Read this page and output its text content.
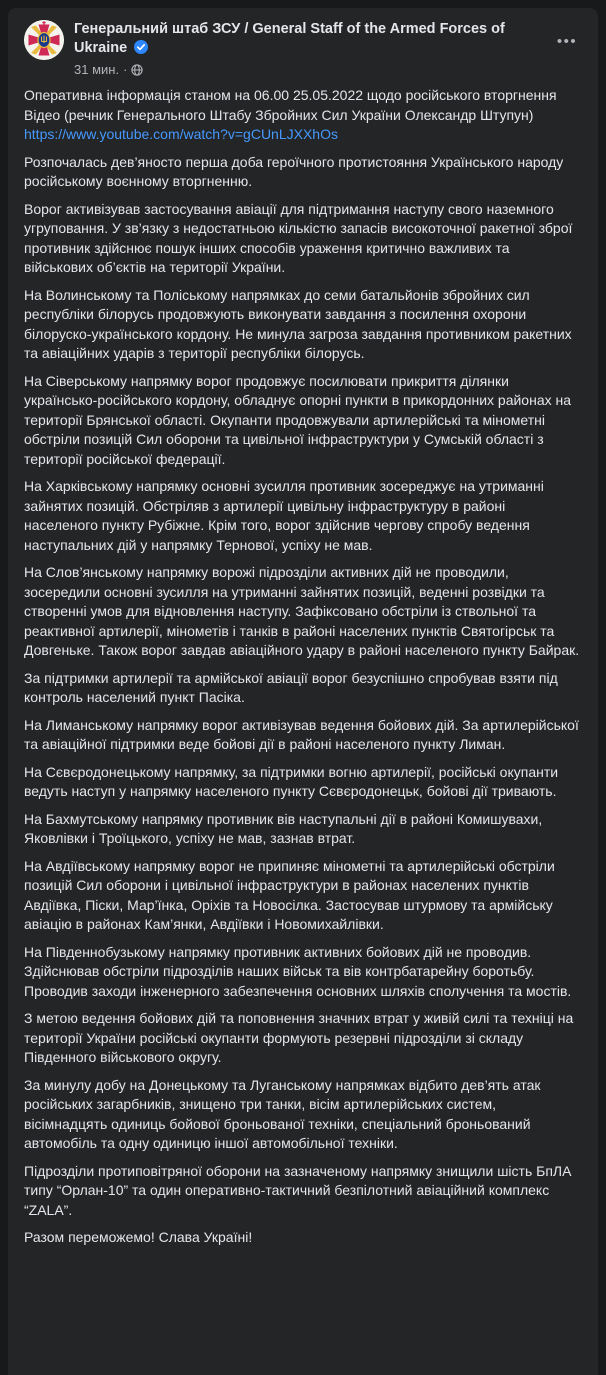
Генеральний штаб ЗСУ / General Staff of the Armed Forces of Ukraine
31 мин. ·
•••

Оперативна інформація станом на 06.00 25.05.2022 щодо російського вторгнення
Відео (речник Генерального Штабу Збройних Сил України Олександр Штупун)
https://www.youtube.com/watch?v=gCUnLJXXhOs

Розпочалась дев’яносто перша доба героїчного протистояння Українського народу російському воєнному вторгненню.

Ворог активізував застосування авіації для підтримання наступу свого наземного угруповання. У зв’язку з недостатньою кількістю запасів високоточної ракетної зброї противник здійснює пошук інших способів ураження критично важливих та військових об’єктів на території України.

На Волинському та Поліському напрямках до семи батальйонів збройних сил республіки білорусь продовжують виконувати завдання з посилення охорони білоруско-українського кордону. Не минула загроза завдання противником ракетних та авіаційних ударів з території республіки білорусь.

На Сіверському напрямку ворог продовжує посилювати прикриття ділянки українсько-російського кордону, обладнує опорні пункти в прикордонних районах на території Брянської області. Окупанти продовжували артилерійські та мінометні обстріли позицій Сил оборони та цивільної інфраструктури у Сумській області з території російської федерації.

На Харківському напрямку основні зусилля противник зосереджує на утриманні зайнятих позицій. Обстріляв з артилерії цивільну інфраструктуру в районі населеного пункту Рубіжне. Крім того, ворог здійснив чергову спробу ведення наступальних дій у напрямку Тернової, успіху не мав.

На Слов’янському напрямку ворожі підрозділи активних дій не проводили, зосередили основні зусилля на утриманні зайнятих позицій, веденні розвідки та створенні умов для відновлення наступу. Зафіксовано обстріли із ствольної та реактивної артилерії, мінометів і танків в районі населених пунктів Святогірськ та Довгеньке. Також ворог завдав авіаційного удару в районі населеного пункту Байрак.

За підтримки артилерії та армійської авіації ворог безуспішно спробував взяти під контроль населений пункт Пасіка.

На Лиманському напрямку ворог активізував ведення бойових дій. За артилерійської та авіаційної підтримки веде бойові дії в районі населеного пункту Лиман.

На Сєвєродонецькому напрямку, за підтримки вогню артилерії, російські окупанти ведуть наступ у напрямку населеного пункту Сєвєродонецьк, бойові дії тривають.

На Бахмутському напрямку противник вів наступальні дії в районі Комишувахи, Яковлівки і Троїцького, успіху не мав, зазнав втрат.

На Авдіївському напрямку ворог не припиняє мінометні та артилерійські обстріли позицій Сил оборони і цивільної інфраструктури в районах населених пунктів Авдіївка, Піски, Мар’їнка, Оріхів та Новосілка. Застосував штурмову та армійську авіацію в районах Кам’янки, Авдіївки і Новомихайлівки.

На Південнобузькому напрямку противник активних бойових дій не проводив. Здійснював обстріли підрозділів наших військ та вів контрбатарейну боротьбу. Проводив заходи інженерного забезпечення основних шляхів сполучення та мостів.

З метою ведення бойових дій та поповнення значних втрат у живій силі та техніці на території України російські окупанти формують резервні підрозділи зі складу Південного військового округу.

За минулу добу на Донецькому та Луганському напрямках відбито дев’ять атак російських загарбників, знищено три танки, вісім артилерійських систем, вісімнадцять одиниць бойової броньованої техніки, спеціальний броньований автомобіль та одну одиницю іншої автомобільної техніки.

Підрозділи протиповітряної оборони на зазначеному напрямку знищили шість БпЛА типу “Орлан-10” та один оперативно-тактичний безпілотний авіаційний комплекс “ZALA”.

Разом переможемо! Слава Україні!
